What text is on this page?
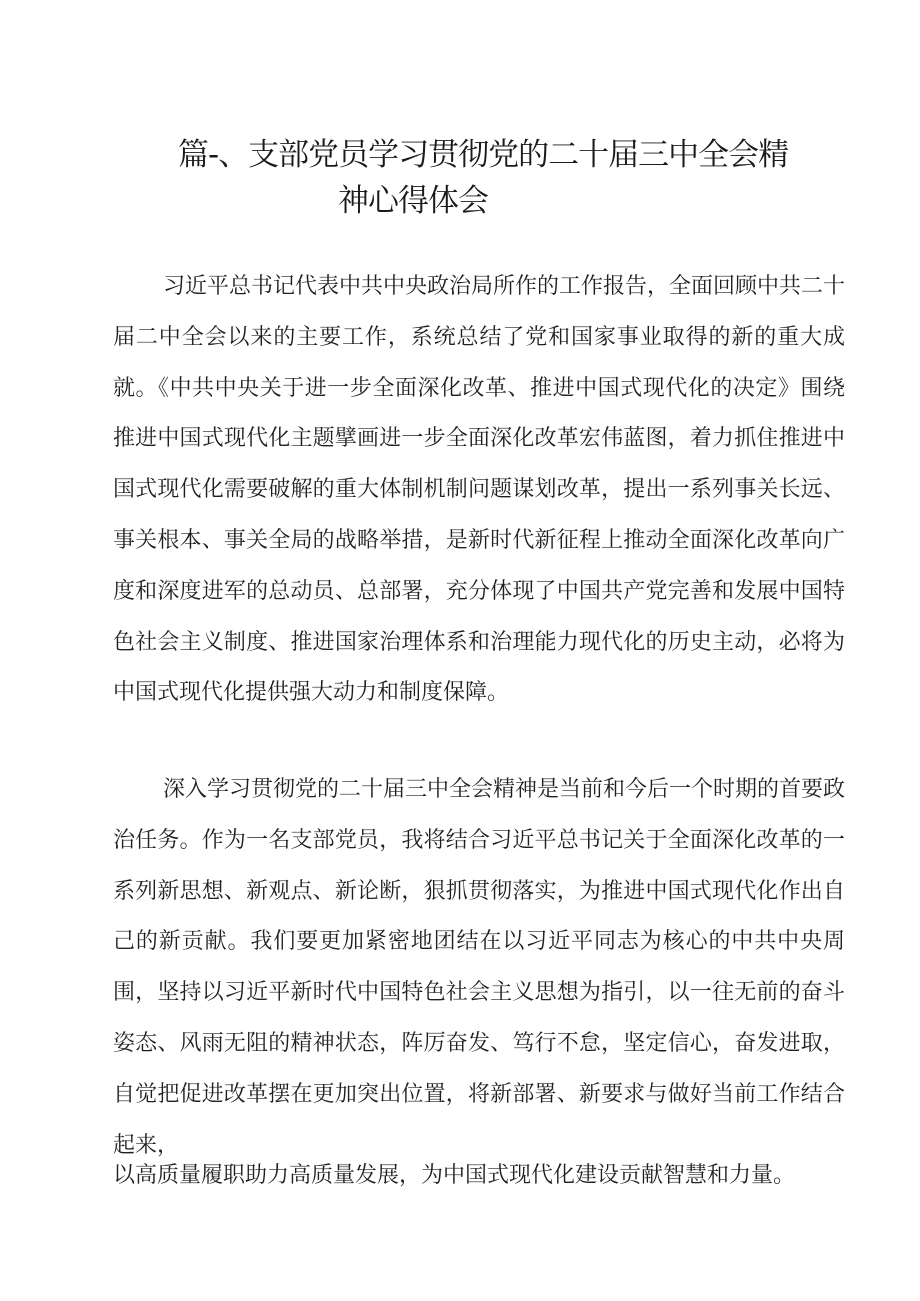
篇-、支部党员学习贯彻党的二十届三中全会精
神心得体会

习近平总书记代表中共中央政治局所作的工作报告，全面回顾中共二十届二中全会以来的主要工作，系统总结了党和国家事业取得的新的重大成就。《中共中央关于进一步全面深化改革、推进中国式现代化的决定》围绕推进中国式现代化主题擘画进一步全面深化改革宏伟蓝图，着力抓住推进中国式现代化需要破解的重大体制机制问题谋划改革，提出一系列事关长远、事关根本、事关全局的战略举措，是新时代新征程上推动全面深化改革向广度和深度进军的总动员、总部署，充分体现了中国共产党完善和发展中国特色社会主义制度、推进国家治理体系和治理能力现代化的历史主动，必将为中国式现代化提供强大动力和制度保障。

深入学习贯彻党的二十届三中全会精神是当前和今后一个时期的首要政治任务。作为一名支部党员，我将结合习近平总书记关于全面深化改革的一系列新思想、新观点、新论断，狠抓贯彻落实，为推进中国式现代化作出自己的新贡献。我们要更加紧密地团结在以习近平同志为核心的中共中央周围，坚持以习近平新时代中国特色社会主义思想为指引，以一往无前的奋斗姿态、风雨无阻的精神状态，阵厉奋发、笃行不怠，坚定信心，奋发进取，自觉把促进改革摆在更加突出位置，将新部署、新要求与做好当前工作结合起来，

以高质量履职助力高质量发展，为中国式现代化建设贡献智慧和力量。
